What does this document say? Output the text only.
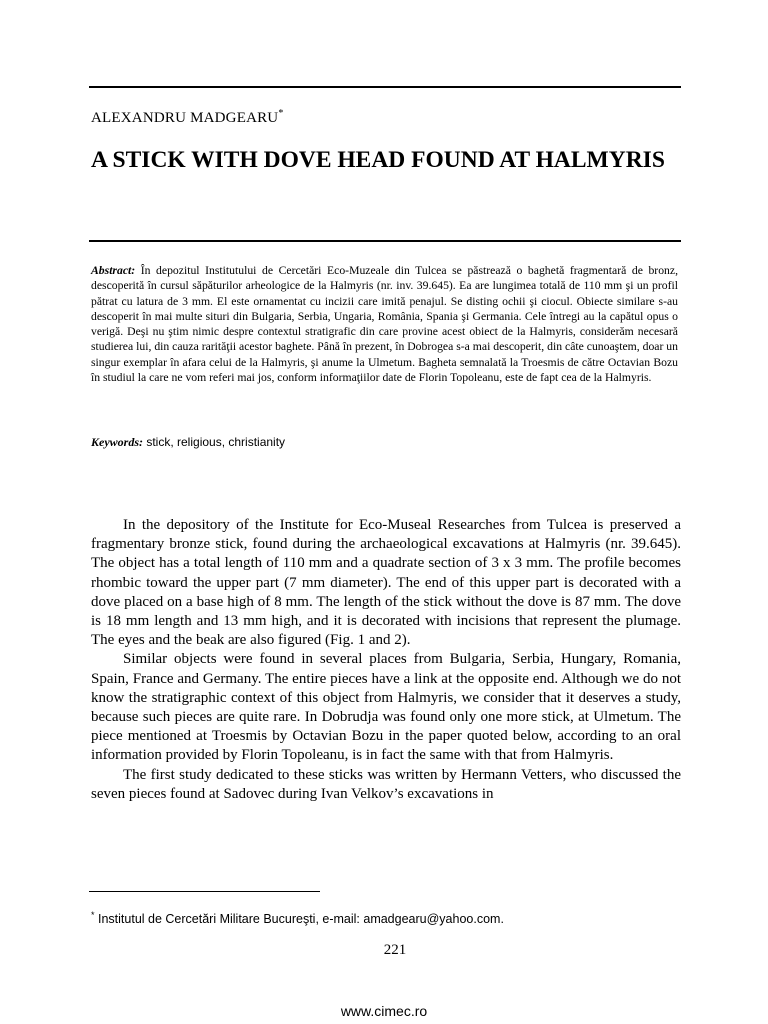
ALEXANDRU MADGEARU*
A STICK WITH DOVE HEAD FOUND AT HALMYRIS

Abstract: În depozitul Institutului de Cercetări Eco-Muzeale din Tulcea se păstrează o baghetă fragmentară de bronz, descoperită în cursul săpăturilor arheologice de la Halmyris (nr. inv. 39.645). Ea are lungimea totală de 110 mm şi un profil pătrat cu latura de 3 mm. El este ornamentat cu incizii care imită penajul. Se disting ochii şi ciocul. Obiecte similare s-au descoperit în mai multe situri din Bulgaria, Serbia, Ungaria, România, Spania şi Germania. Cele întregi au la capătul opus o verigă. Deşi nu ştim nimic despre contextul stratigrafic din care provine acest obiect de la Halmyris, considerăm necesară studierea lui, din cauza rarităţii acestor baghete. Până în prezent, în Dobrogea s-a mai descoperit, din câte cunoaştem, doar un singur exemplar în afara celui de la Halmyris, şi anume la Ulmetum. Bagheta semnalată la Troesmis de către Octavian Bozu în studiul la care ne vom referi mai jos, conform informaţiilor date de Florin Topoleanu, este de fapt cea de la Halmyris.

Keywords: stick, religious, christianity

In the depository of the Institute for Eco-Museal Researches from Tulcea is preserved a fragmentary bronze stick, found during the archaeological excavations at Halmyris (nr. 39.645). The object has a total length of 110 mm and a quadrate section of 3 x 3 mm. The profile becomes rhombic toward the upper part (7 mm diameter). The end of this upper part is decorated with a dove placed on a base high of 8 mm. The length of the stick without the dove is 87 mm. The dove is 18 mm length and 13 mm high, and it is decorated with incisions that represent the plumage. The eyes and the beak are also figured (Fig. 1 and 2).

Similar objects were found in several places from Bulgaria, Serbia, Hungary, Romania, Spain, France and Germany. The entire pieces have a link at the opposite end. Although we do not know the stratigraphic context of this object from Halmyris, we consider that it deserves a study, because such pieces are quite rare. In Dobrudja was found only one more stick, at Ulmetum. The piece mentioned at Troesmis by Octavian Bozu in the paper quoted below, according to an oral information provided by Florin Topoleanu, is in fact the same with that from Halmyris.

The first study dedicated to these sticks was written by Hermann Vetters, who discussed the seven pieces found at Sadovec during Ivan Velkov’s excavations in

* Institutul de Cercetări Militare Bucureşti, e-mail: amadgearu@yahoo.com.
221
www.cimec.ro
